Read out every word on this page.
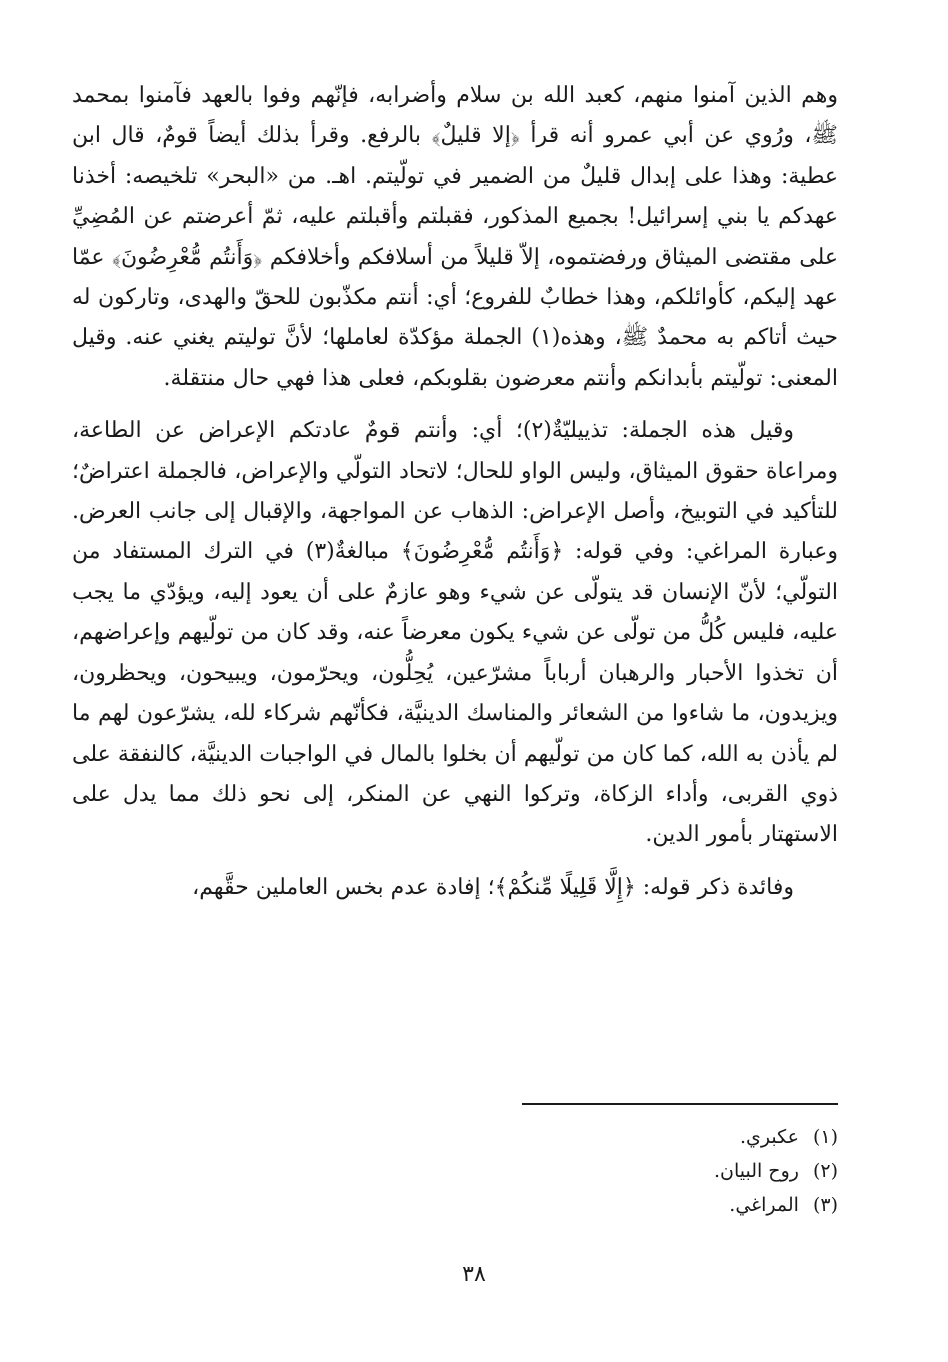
وهم الذين آمنوا منهم، كعبد الله بن سلام وأضرابه، فإنّهم وفوا بالعهد فآمنوا بمحمد ﷺ، ورُوي عن أبي عمرو أنه قرأ ﴿إلا قليلٌ﴾ بالرفع. وقرأ بذلك أيضاً قومٌ، قال ابن عطية: وهذا على إبدال قليلٌ من الضمير في تولّيتم. اهـ. من «البحر» تلخيصه: أخذنا عهدكم يا بني إسرائيل! بجميع المذكور، فقبلتم وأقبلتم عليه، ثمّ أعرضتم عن المُضِيِّ على مقتضى الميثاق ورفضتموه، إلاّ قليلاً من أسلافكم وأخلافكم ﴿وَأَنتُم مُّعْرِضُونَ﴾ عمّا عهد إليكم، كأوائلكم، وهذا خطابٌ للفروع؛ أي: أنتم مكذّبون للحقّ والهدى، وتاركون له حيث أتاكم به محمدٌ ﷺ، وهذه(١) الجملة مؤكدّة لعاملها؛ لأنَّ توليتم يغني عنه. وقيل المعنى: تولّيتم بأبدانكم وأنتم معرضون بقلوبكم، فعلى هذا فهي حال منتقلة.

وقيل هذه الجملة: تذييليّةٌ(٢)؛ أي: وأنتم قومٌ عادتكم الإعراض عن الطاعة، ومراعاة حقوق الميثاق، وليس الواو للحال؛ لاتحاد التولّي والإعراض، فالجملة اعتراضٌ؛ للتأكيد في التوبيخ، وأصل الإعراض: الذهاب عن المواجهة، والإقبال إلى جانب العرض. وعبارة المراغي: وفي قوله: ﴿وَأَنتُم مُّعْرِضُونَ﴾ مبالغةٌ(٣) في الترك المستفاد من التولّي؛ لأنّ الإنسان قد يتولّى عن شيء وهو عازمٌ على أن يعود إليه، ويؤدّي ما يجب عليه، فليس كُلُّ من تولّى عن شيء يكون معرضاً عنه، وقد كان من تولّيهم وإعراضهم، أن تخذوا الأحبار والرهبان أرباباً مشرّعين، يُحِلُّون، ويحرّمون، ويبيحون، ويحظرون، ويزيدون، ما شاءوا من الشعائر والمناسك الدينيَّة، فكأنّهم شركاء لله، يشرّعون لهم ما لم يأذن به الله، كما كان من تولّيهم أن بخلوا بالمال في الواجبات الدينيَّة، كالنفقة على ذوي القربى، وأداء الزكاة، وتركوا النهي عن المنكر، إلى نحو ذلك مما يدل على الاستهتار بأمور الدين.

وفائدة ذكر قوله: ﴿إِلَّا قَلِيلًا مِّنكُمْ﴾؛ إفادة عدم بخس العاملين حقَّهم،

(١)عكبري.
(٢)روح البيان.
(٣)المراغي.
٣٨
